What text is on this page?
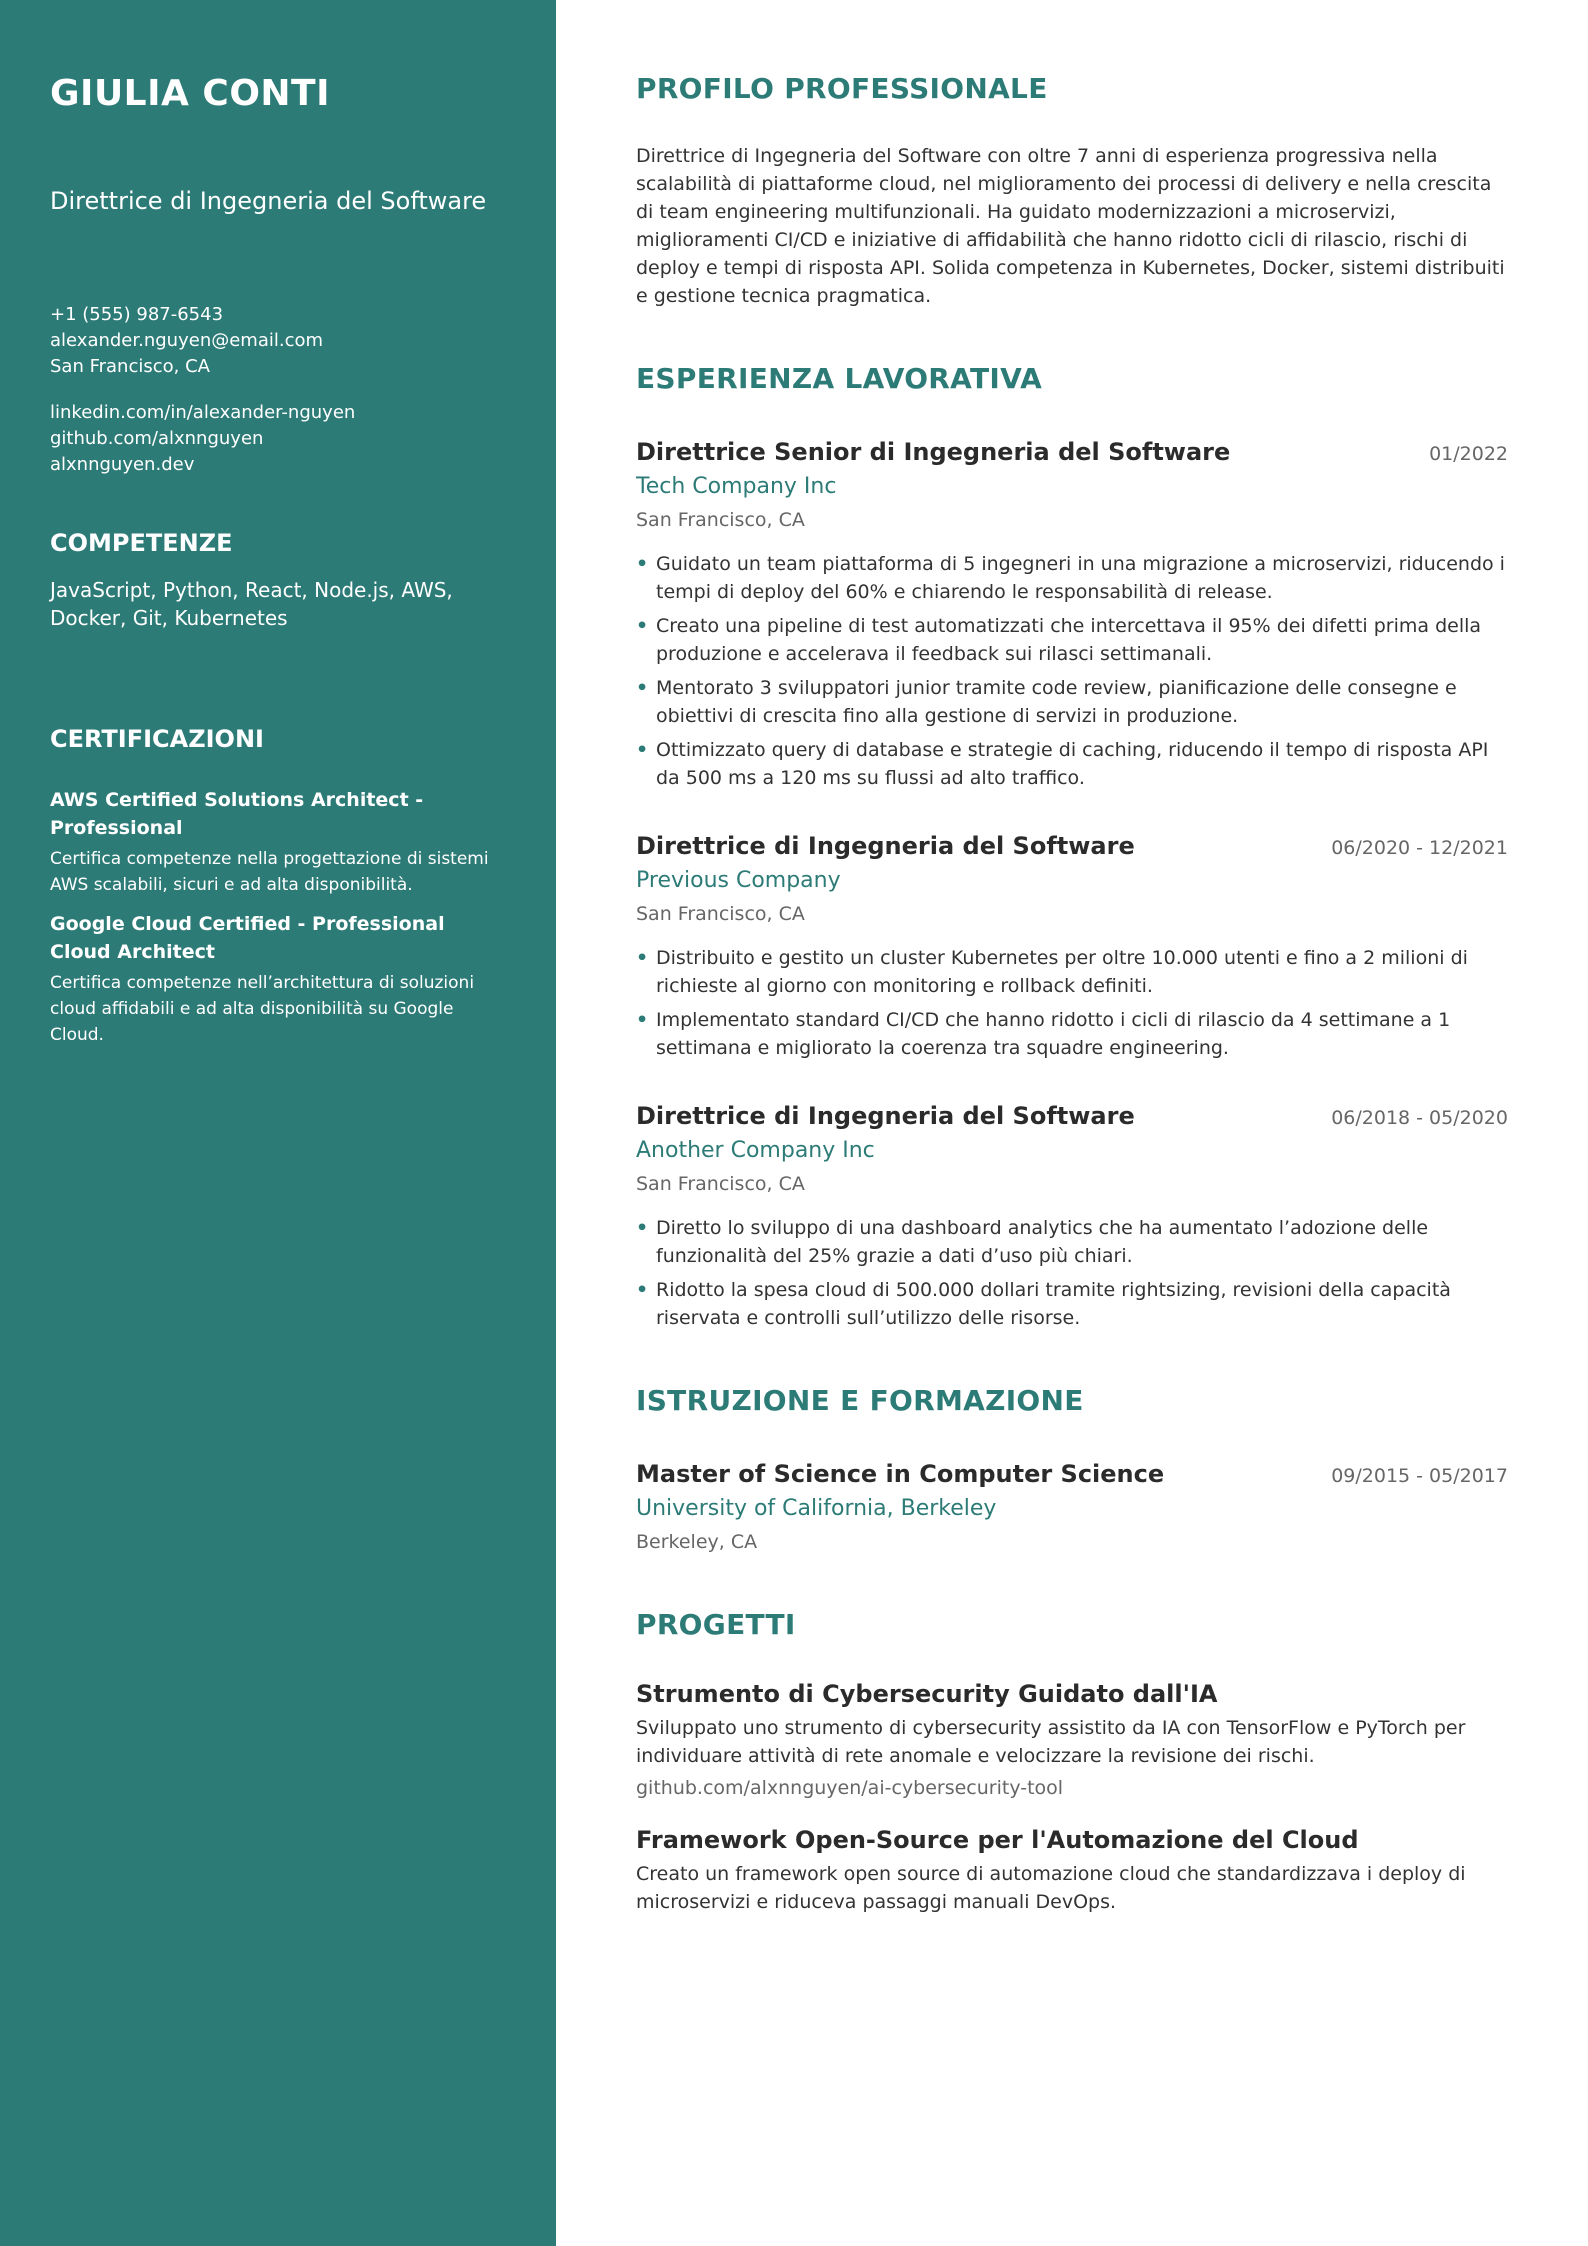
GIULIA CONTI
Direttrice di Ingegneria del Software
+1 (555) 987-6543
alexander.nguyen@email.com
San Francisco, CA
linkedin.com/in/alexander-nguyen
github.com/alxnnguyen
alxnnguyen.dev
COMPETENZE
JavaScript, Python, React, Node.js, AWS, Docker, Git, Kubernetes
CERTIFICAZIONI
AWS Certified Solutions Architect - Professional
Certifica competenze nella progettazione di sistemi AWS scalabili, sicuri e ad alta disponibilità.
Google Cloud Certified - Professional Cloud Architect
Certifica competenze nell’architettura di soluzioni cloud affidabili e ad alta disponibilità su Google Cloud.
PROFILO PROFESSIONALE

Direttrice di Ingegneria del Software con oltre 7 anni di esperienza progressiva nella scalabilità di piattaforme cloud, nel miglioramento dei processi di delivery e nella crescita di team engineering multifunzionali. Ha guidato modernizzazioni a microservizi, miglioramenti CI/CD e iniziative di affidabilità che hanno ridotto cicli di rilascio, rischi di deploy e tempi di risposta API. Solida competenza in Kubernetes, Docker, sistemi distribuiti e gestione tecnica pragmatica.

ESPERIENZA LAVORATIVA
Direttrice Senior di Ingegneria del Software	01/2022
Tech Company Inc
San Francisco, CA
• Guidato un team piattaforma di 5 ingegneri in una migrazione a microservizi, riducendo i tempi di deploy del 60% e chiarendo le responsabilità di release.
• Creato una pipeline di test automatizzati che intercettava il 95% dei difetti prima della produzione e accelerava il feedback sui rilasci settimanali.
• Mentorato 3 sviluppatori junior tramite code review, pianificazione delle consegne e obiettivi di crescita fino alla gestione di servizi in produzione.
• Ottimizzato query di database e strategie di caching, riducendo il tempo di risposta API da 500 ms a 120 ms su flussi ad alto traffico.
Direttrice di Ingegneria del Software	06/2020 - 12/2021
Previous Company
San Francisco, CA
• Distribuito e gestito un cluster Kubernetes per oltre 10.000 utenti e fino a 2 milioni di richieste al giorno con monitoring e rollback definiti.
• Implementato standard CI/CD che hanno ridotto i cicli di rilascio da 4 settimane a 1 settimana e migliorato la coerenza tra squadre engineering.
Direttrice di Ingegneria del Software	06/2018 - 05/2020
Another Company Inc
San Francisco, CA
• Diretto lo sviluppo di una dashboard analytics che ha aumentato l’adozione delle funzionalità del 25% grazie a dati d’uso più chiari.
• Ridotto la spesa cloud di 500.000 dollari tramite rightsizing, revisioni della capacità riservata e controlli sull’utilizzo delle risorse.
ISTRUZIONE E FORMAZIONE
Master of Science in Computer Science	09/2015 - 05/2017
University of California, Berkeley
Berkeley, CA
PROGETTI
Strumento di Cybersecurity Guidato dall'IA
Sviluppato uno strumento di cybersecurity assistito da IA con TensorFlow e PyTorch per individuare attività di rete anomale e velocizzare la revisione dei rischi.
github.com/alxnnguyen/ai-cybersecurity-tool
Framework Open-Source per l'Automazione del Cloud
Creato un framework open source di automazione cloud che standardizzava i deploy di microservizi e riduceva passaggi manuali DevOps.
